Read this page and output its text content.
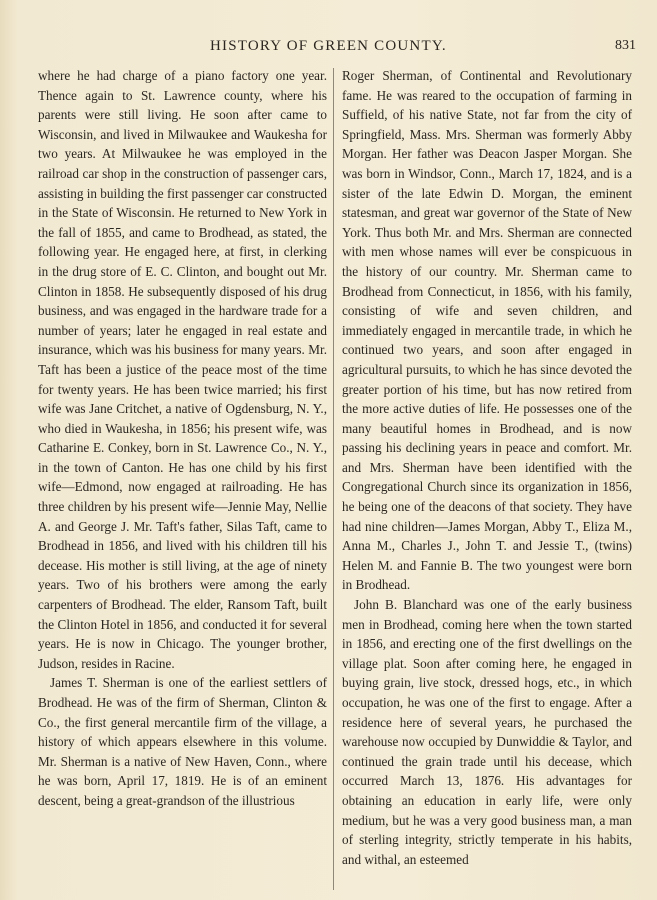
HISTORY OF GREEN COUNTY.	831

where he had charge of a piano factory one year. Thence again to St. Lawrence county, where his parents were still living. He soon after came to Wisconsin, and lived in Milwaukee and Waukesha for two years. At Milwaukee he was employed in the railroad car shop in the construction of passenger cars, assisting in building the first passenger car constructed in the State of Wisconsin. He returned to New York in the fall of 1855, and came to Brodhead, as stated, the following year. He engaged here, at first, in clerking in the drug store of E. C. Clinton, and bought out Mr. Clinton in 1858. He subsequently disposed of his drug business, and was engaged in the hardware trade for a number of years; later he engaged in real estate and insurance, which was his business for many years. Mr. Taft has been a justice of the peace most of the time for twenty years. He has been twice married; his first wife was Jane Critchet, a native of Ogdensburg, N. Y., who died in Waukesha, in 1856; his present wife, was Catharine E. Conkey, born in St. Lawrence Co., N. Y., in the town of Canton. He has one child by his first wife—Edmond, now engaged at railroading. He has three children by his present wife—Jennie May, Nellie A. and George J. Mr. Taft's father, Silas Taft, came to Brodhead in 1856, and lived with his children till his decease. His mother is still living, at the age of ninety years. Two of his brothers were among the early carpenters of Brodhead. The elder, Ransom Taft, built the Clinton Hotel in 1856, and conducted it for several years. He is now in Chicago. The younger brother, Judson, resides in Racine.

James T. Sherman is one of the earliest settlers of Brodhead. He was of the firm of Sherman, Clinton & Co., the first general mercantile firm of the village, a history of which appears elsewhere in this volume. Mr. Sherman is a native of New Haven, Conn., where he was born, April 17, 1819. He is of an eminent descent, being a great-grandson of the illustrious

Roger Sherman, of Continental and Revolutionary fame. He was reared to the occupation of farming in Suffield, of his native State, not far from the city of Springfield, Mass. Mrs. Sherman was formerly Abby Morgan. Her father was Deacon Jasper Morgan. She was born in Windsor, Conn., March 17, 1824, and is a sister of the late Edwin D. Morgan, the eminent statesman, and great war governor of the State of New York. Thus both Mr. and Mrs. Sherman are connected with men whose names will ever be conspicuous in the history of our country. Mr. Sherman came to Brodhead from Connecticut, in 1856, with his family, consisting of wife and seven children, and immediately engaged in mercantile trade, in which he continued two years, and soon after engaged in agricultural pursuits, to which he has since devoted the greater portion of his time, but has now retired from the more active duties of life. He possesses one of the many beautiful homes in Brodhead, and is now passing his declining years in peace and comfort. Mr. and Mrs. Sherman have been identified with the Congregational Church since its organization in 1856, he being one of the deacons of that society. They have had nine children—James Morgan, Abby T., Eliza M., Anna M., Charles J., John T. and Jessie T., (twins) Helen M. and Fannie B. The two youngest were born in Brodhead.

John B. Blanchard was one of the early business men in Brodhead, coming here when the town started in 1856, and erecting one of the first dwellings on the village plat. Soon after coming here, he engaged in buying grain, live stock, dressed hogs, etc., in which occupation, he was one of the first to engage. After a residence here of several years, he purchased the warehouse now occupied by Dunwiddie & Taylor, and continued the grain trade until his decease, which occurred March 13, 1876. His advantages for obtaining an education in early life, were only medium, but he was a very good business man, a man of sterling integrity, strictly temperate in his habits, and withal, an esteemed
